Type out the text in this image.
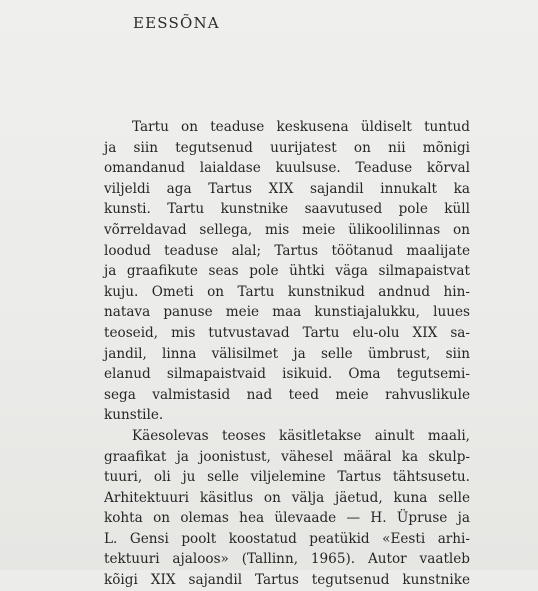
EESSÕNA
Tartu on teaduse keskusena üldiselt tuntud
ja siin tegutsenud uurijatest on nii mõnigi
omandanud laialdase kuulsuse. Teaduse kõrval
viljeldi aga Tartus XIX sajandil innukalt ka
kunsti. Tartu kunstnike saavutused pole küll
võrreldavad sellega, mis meie ülikoolilinnas on
loodud teaduse alal; Tartus töötanud maalijate
ja graafikute seas pole ühtki väga silmapaistvat
kuju. Ometi on Tartu kunstnikud andnud hin-
natava panuse meie maa kunstiajalukku, luues
teoseid, mis tutvustavad Tartu elu-olu XIX sa-
jandil, linna välisilmet ja selle ümbrust, siin
elanud silmapaistvaid isikuid. Oma tegutsemi-
sega valmistasid nad teed meie rahvuslikule
kunstile.
Käesolevas teoses käsitletakse ainult maali,
graafikat ja joonistust, vähesel määral ka skulp-
tuuri, oli ju selle viljelemine Tartus tähtsusetu.
Arhitektuuri käsitlus on välja jäetud, kuna selle
kohta on olemas hea ülevaade — H. Üpruse ja
L. Gensi poolt koostatud peatükid «Eesti arhi-
tektuuri ajaloos» (Tallinn, 1965). Autor vaatleb
kõigi XIX sajandil Tartus tegutsenud kunstnike
